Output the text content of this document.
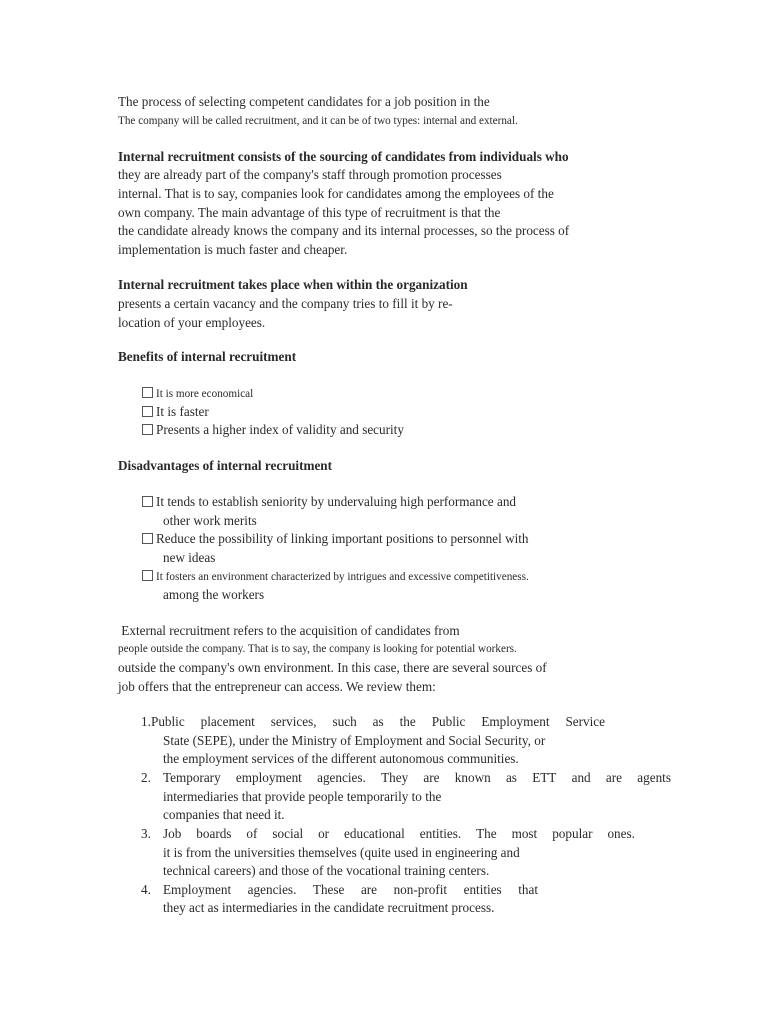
The process of selecting competent candidates for a job position in the
The company will be called recruitment, and it can be of two types: internal and external.
Internal recruitment consists of the sourcing of candidates from individuals who
they are already part of the company's staff through promotion processes
internal. That is to say, companies look for candidates among the employees of the
own company. The main advantage of this type of recruitment is that the
the candidate already knows the company and its internal processes, so the process of
implementation is much faster and cheaper.
Internal recruitment takes place when within the organization
presents a certain vacancy and the company tries to fill it by re-
location of your employees.
Benefits of internal recruitment
It is more economical
It is faster
Presents a higher index of validity and security
Disadvantages of internal recruitment
It tends to establish seniority by undervaluing high performance and
other work merits
Reduce the possibility of linking important positions to personnel with
new ideas
It fosters an environment characterized by intrigues and excessive competitiveness.
among the workers
External recruitment refers to the acquisition of candidates from
people outside the company. That is to say, the company is looking for potential workers.
outside the company's own environment. In this case, there are several sources of
job offers that the entrepreneur can access. We review them:
1. Public placement services, such as the Public Employment Service
State (SEPE), under the Ministry of Employment and Social Security, or
the employment services of the different autonomous communities.
2. Temporary employment agencies. They are known as ETT and are agents
intermediaries that provide people temporarily to the
companies that need it.
3. Job boards of social or educational entities. The most popular ones.
it is from the universities themselves (quite used in engineering and
technical careers) and those of the vocational training centers.
4. Employment agencies. These are non-profit entities that
they act as intermediaries in the candidate recruitment process.
